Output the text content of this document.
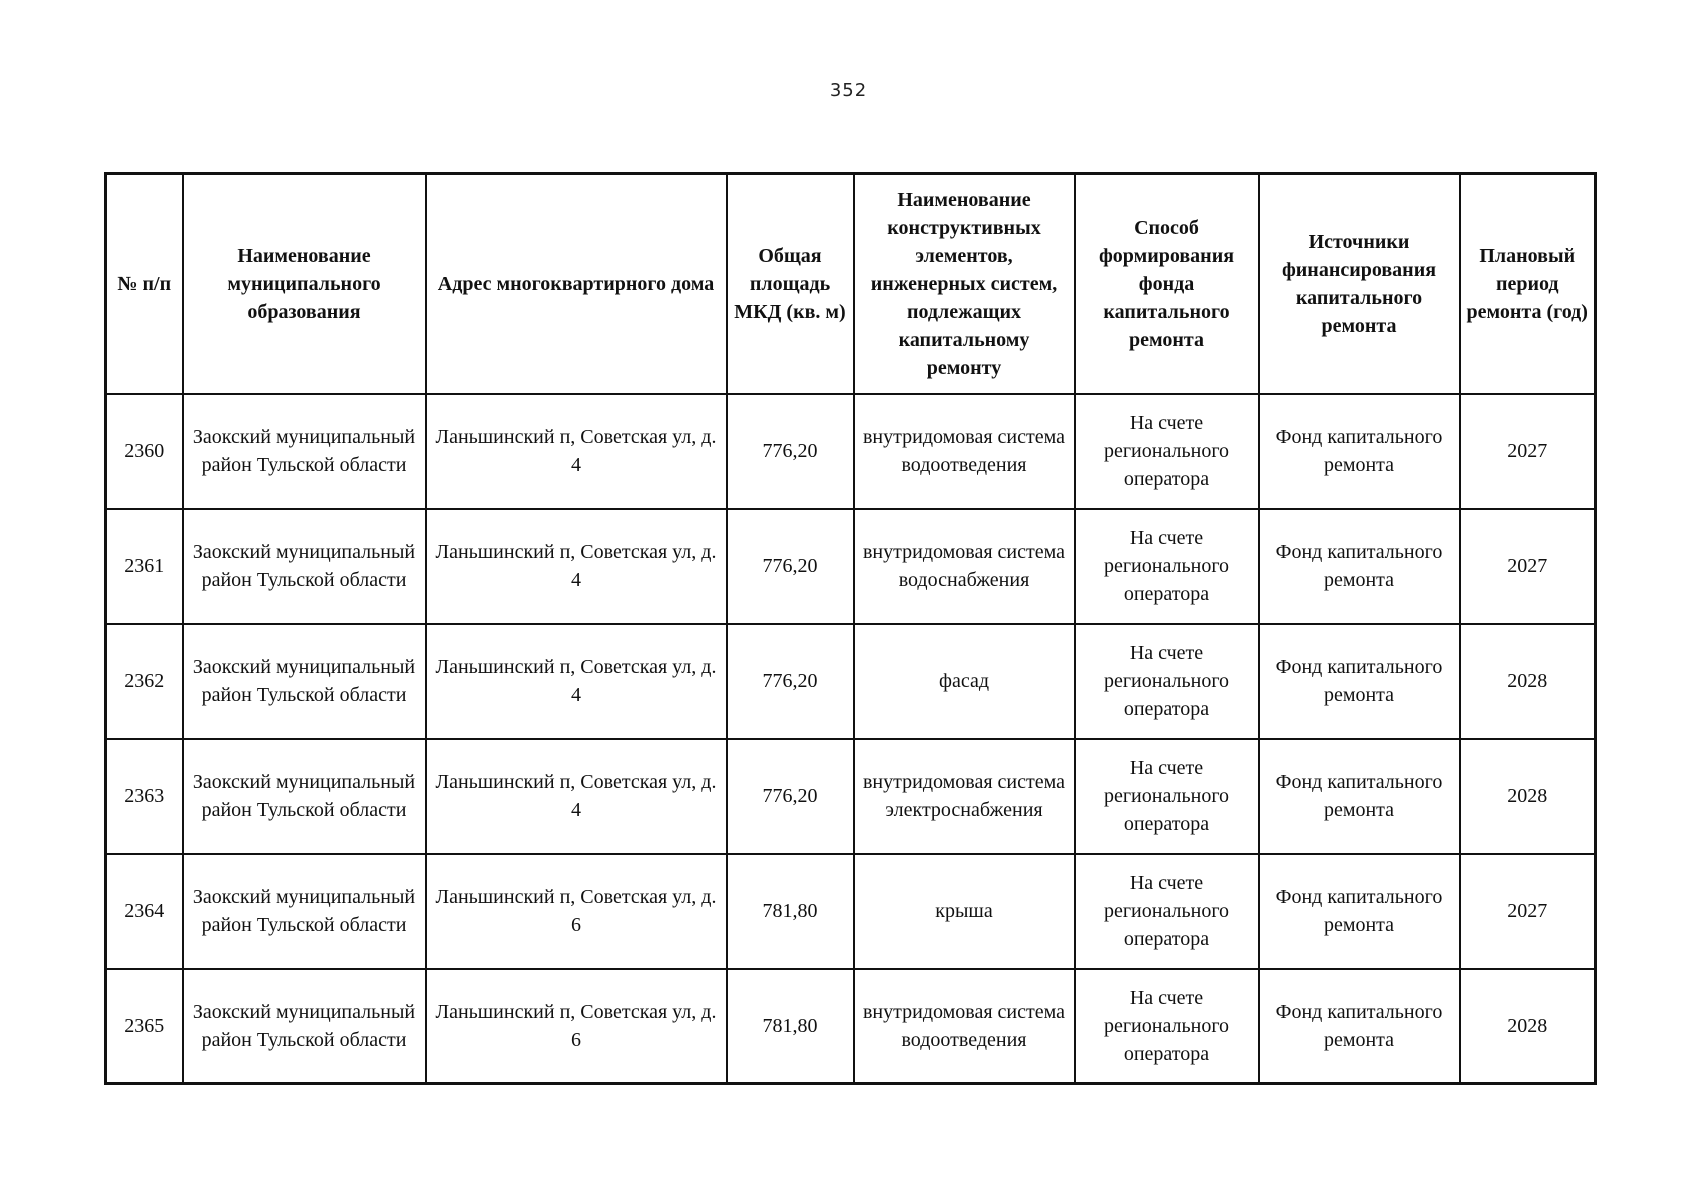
352
№ п/п	Наименование муниципального образования	Адрес многоквартирного дома	Общая площадь МКД (кв. м)	Наименование конструктивных элементов, инженерных систем, подлежащих капитальному ремонту	Способ формирования фонда капитального ремонта	Источники финансирования капитального ремонта	Плановый период ремонта (год)
2360	Заокский муниципальный район Тульской области	Ланьшинский п, Советская ул, д. 4	776,20	внутридомовая система водоотведения	На счете регионального оператора	Фонд капитального ремонта	2027
2361	Заокский муниципальный район Тульской области	Ланьшинский п, Советская ул, д. 4	776,20	внутридомовая система водоснабжения	На счете регионального оператора	Фонд капитального ремонта	2027
2362	Заокский муниципальный район Тульской области	Ланьшинский п, Советская ул, д. 4	776,20	фасад	На счете регионального оператора	Фонд капитального ремонта	2028
2363	Заокский муниципальный район Тульской области	Ланьшинский п, Советская ул, д. 4	776,20	внутридомовая система электроснабжения	На счете регионального оператора	Фонд капитального ремонта	2028
2364	Заокский муниципальный район Тульской области	Ланьшинский п, Советская ул, д. 6	781,80	крыша	На счете регионального оператора	Фонд капитального ремонта	2027
2365	Заокский муниципальный район Тульской области	Ланьшинский п, Советская ул, д. 6	781,80	внутридомовая система водоотведения	На счете регионального оператора	Фонд капитального ремонта	2028
